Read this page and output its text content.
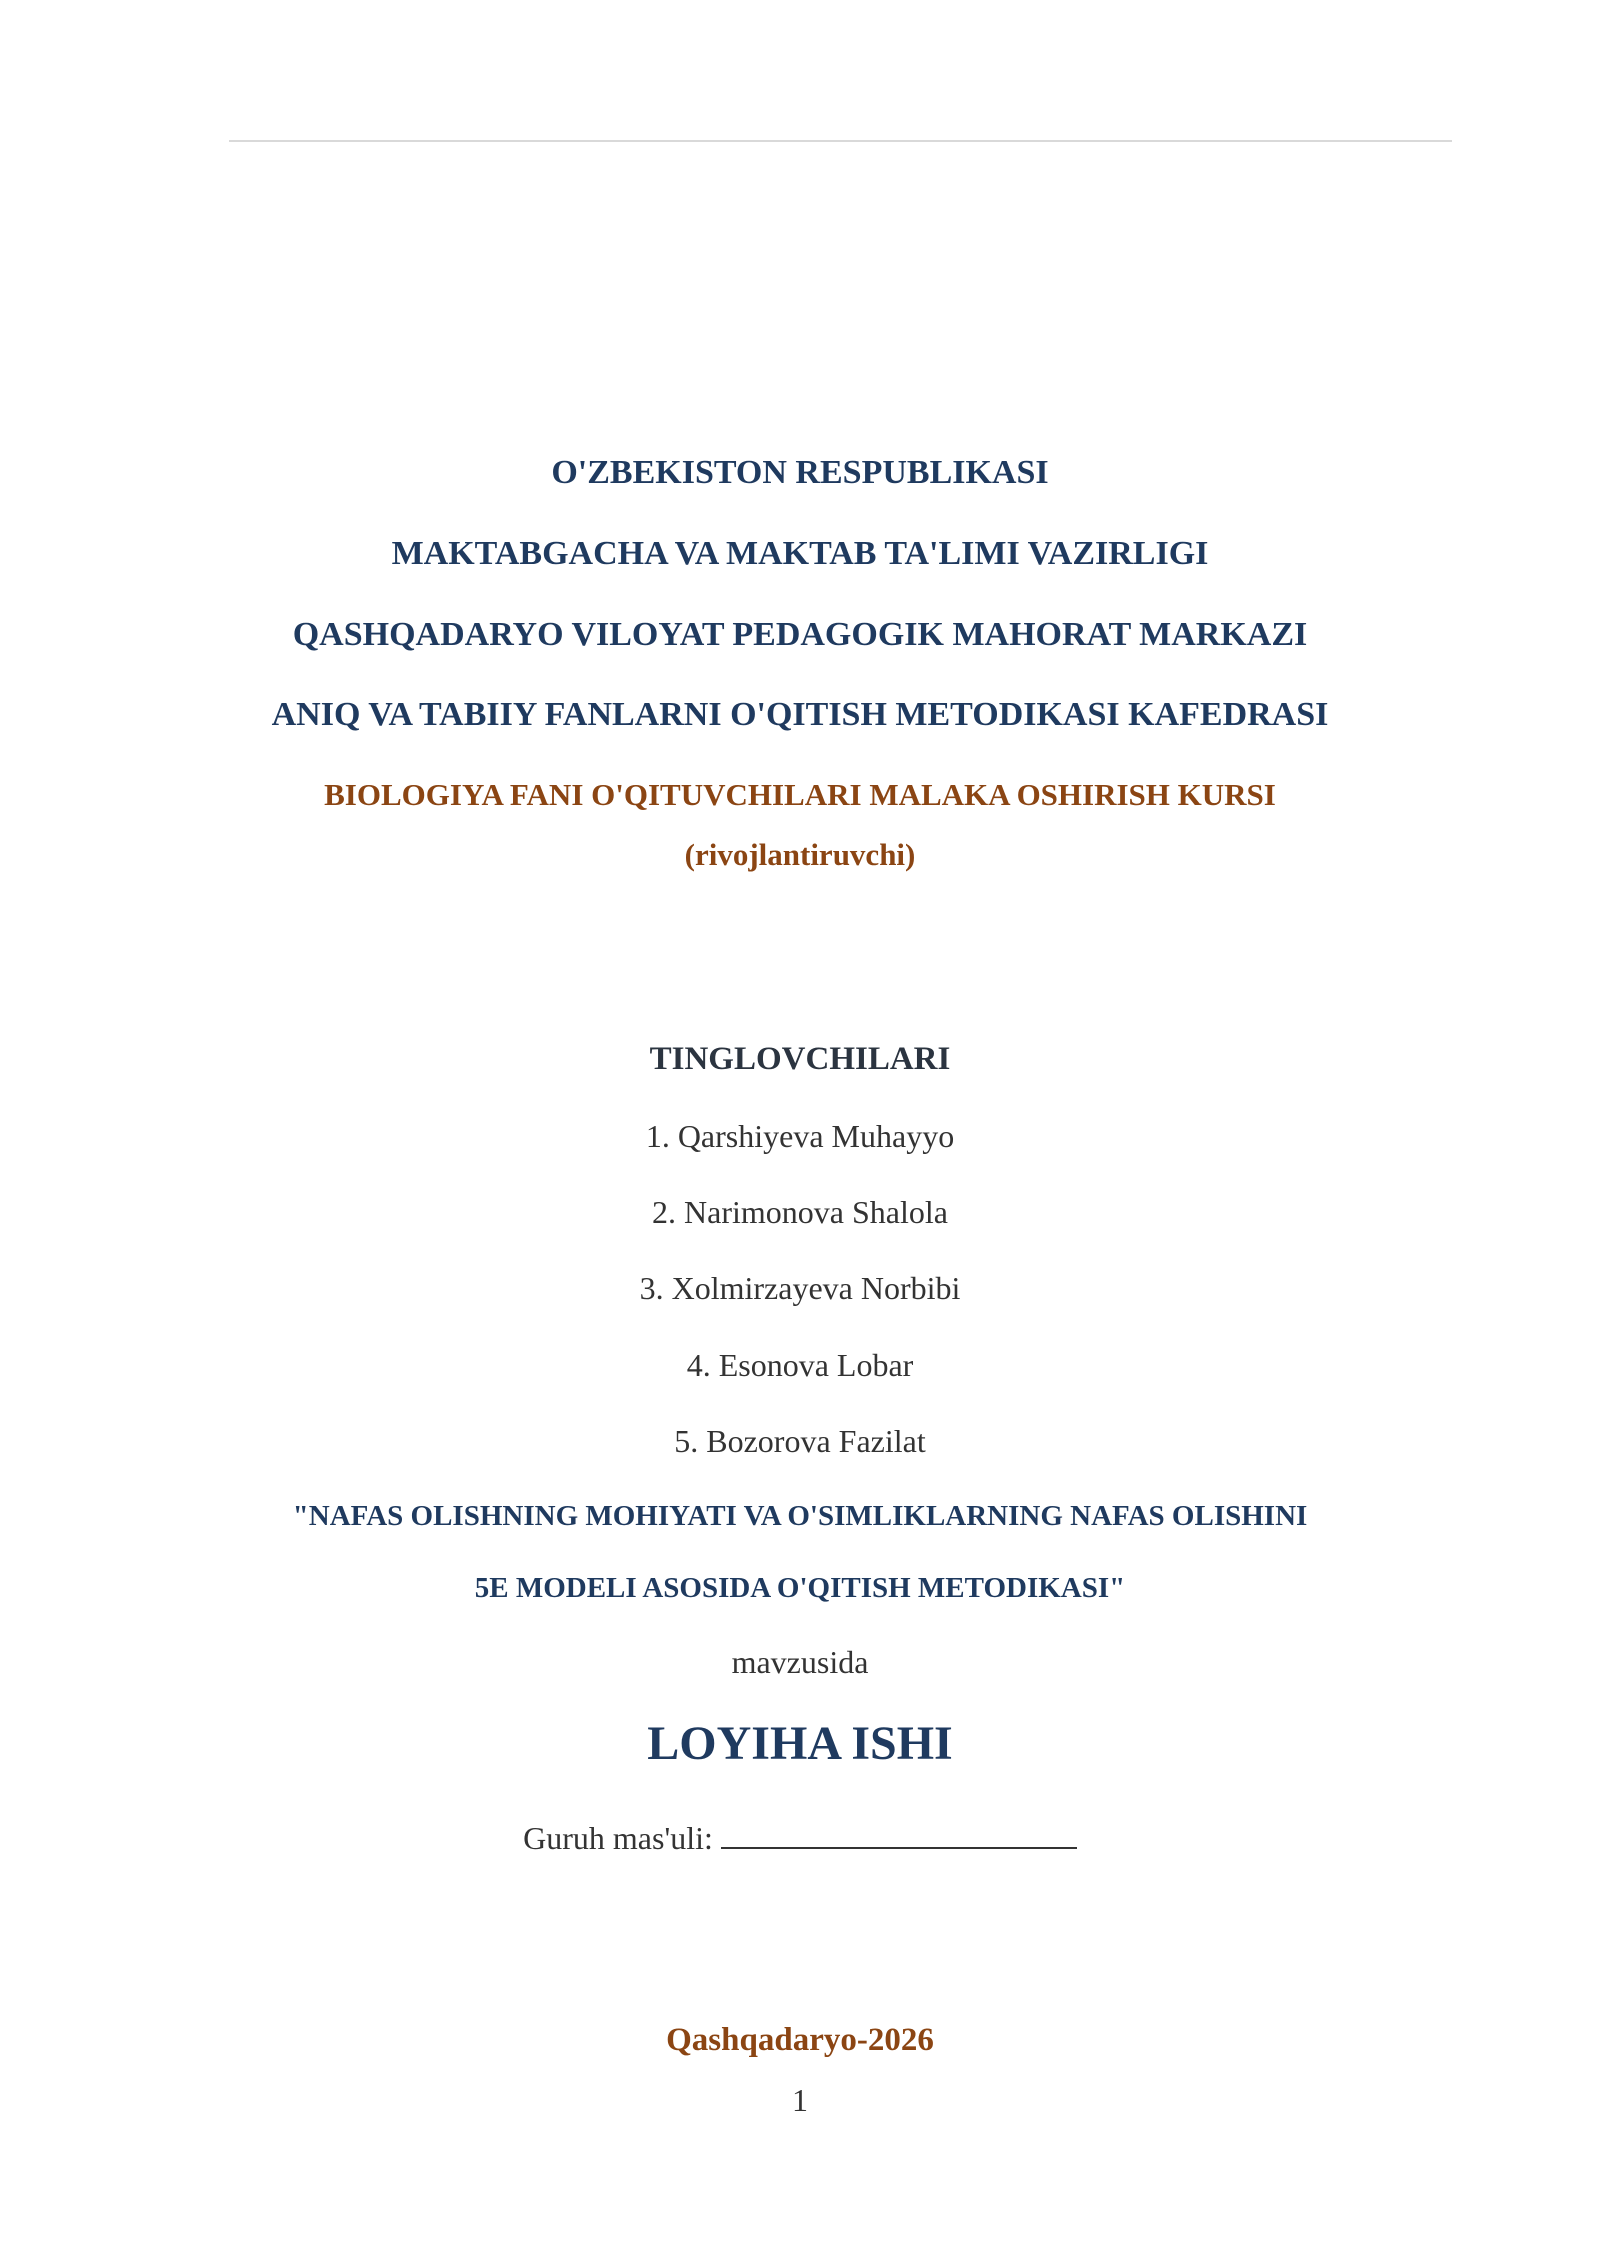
O'ZBEKISTON RESPUBLIKASI

MAKTABGACHA VA MAKTAB TA'LIMI VAZIRLIGI

QASHQADARYO VILOYAT PEDAGOGIK MAHORAT MARKAZI

ANIQ VA TABIIY FANLARNI O'QITISH METODIKASI KAFEDRASI

BIOLOGIYA FANI O'QITUVCHILARI MALAKA OSHIRISH KURSI

(rivojlantiruvchi)

TINGLOVCHILARI

1. Qarshiyeva Muhayyo

2. Narimonova Shalola

3. Xolmirzayeva Norbibi

4. Esonova Lobar

5. Bozorova Fazilat

"NAFAS OLISHNING MOHIYATI VA O'SIMLIKLARNING NAFAS OLISHINI

5E MODELI ASOSIDA O'QITISH METODIKASI"

mavzusida

LOYIHA ISHI

Guruh mas'uli:

Qashqadaryo-2026

1
